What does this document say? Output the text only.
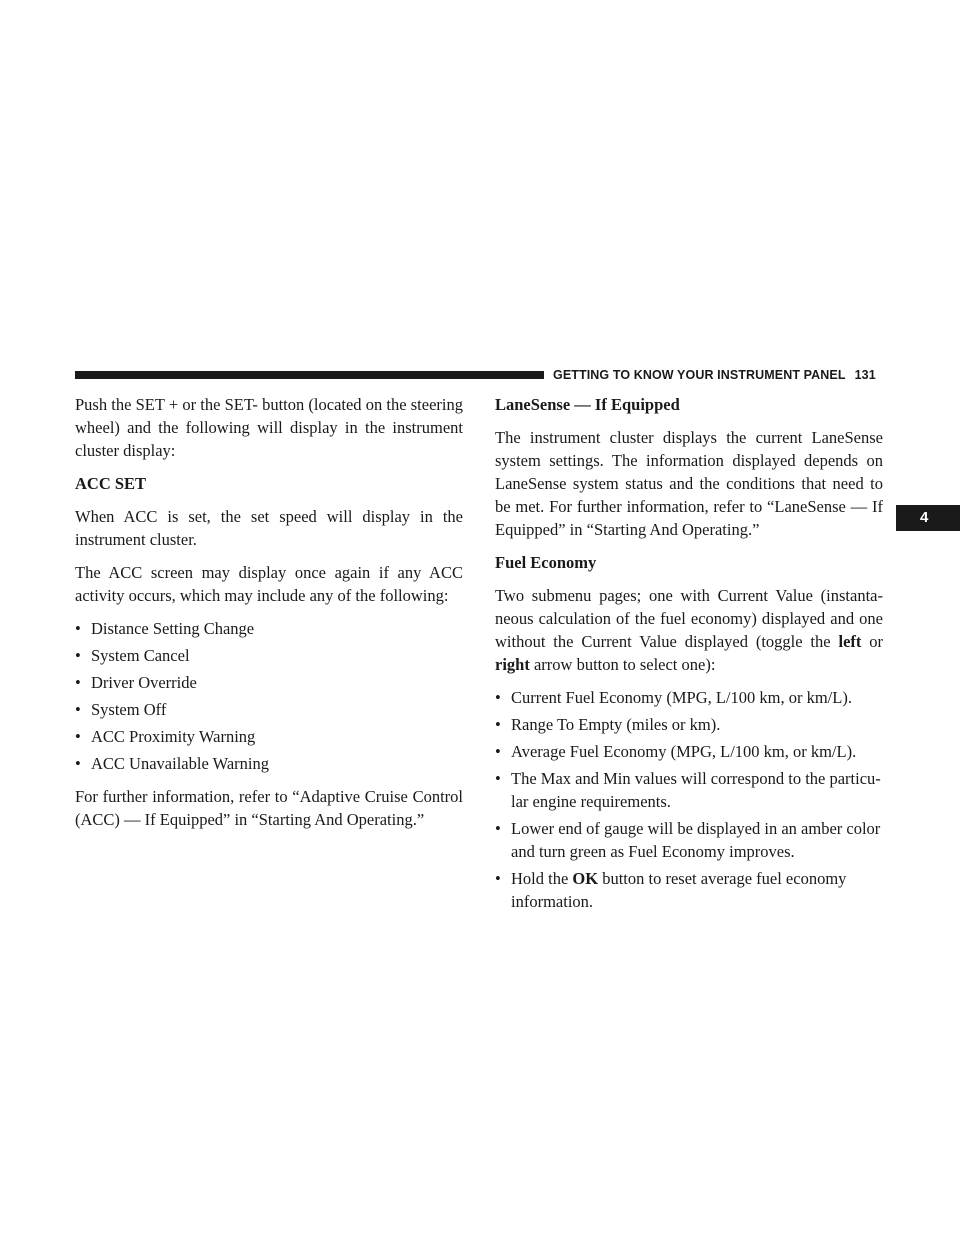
GETTING TO KNOW YOUR INSTRUMENT PANEL 131
4

Push the SET + or the SET- button (located on the steering wheel) and the following will display in the instrument cluster display:

ACC SET

When ACC is set, the set speed will display in the instrument cluster.

The ACC screen may display once again if any ACC activity occurs, which may include any of the following:

• Distance Setting Change
• System Cancel
• Driver Override
• System Off
• ACC Proximity Warning
• ACC Unavailable Warning

For further information, refer to “Adaptive Cruise Control (ACC) — If Equipped” in “Starting And Operating.”

LaneSense — If Equipped

The instrument cluster displays the current LaneSense system settings. The information displayed depends on LaneSense system status and the conditions that need to be met. For further information, refer to “LaneSense — If Equipped” in “Starting And Operating.”

Fuel Economy

Two submenu pages; one with Current Value (instanta-neous calculation of the fuel economy) displayed and one without the Current Value displayed (toggle the left or right arrow button to select one):

• Current Fuel Economy (MPG, L/100 km, or km/L).
• Range To Empty (miles or km).
• Average Fuel Economy (MPG, L/100 km, or km/L).
• The Max and Min values will correspond to the particu-lar engine requirements.
• Lower end of gauge will be displayed in an amber color and turn green as Fuel Economy improves.
• Hold the OK button to reset average fuel economy information.
